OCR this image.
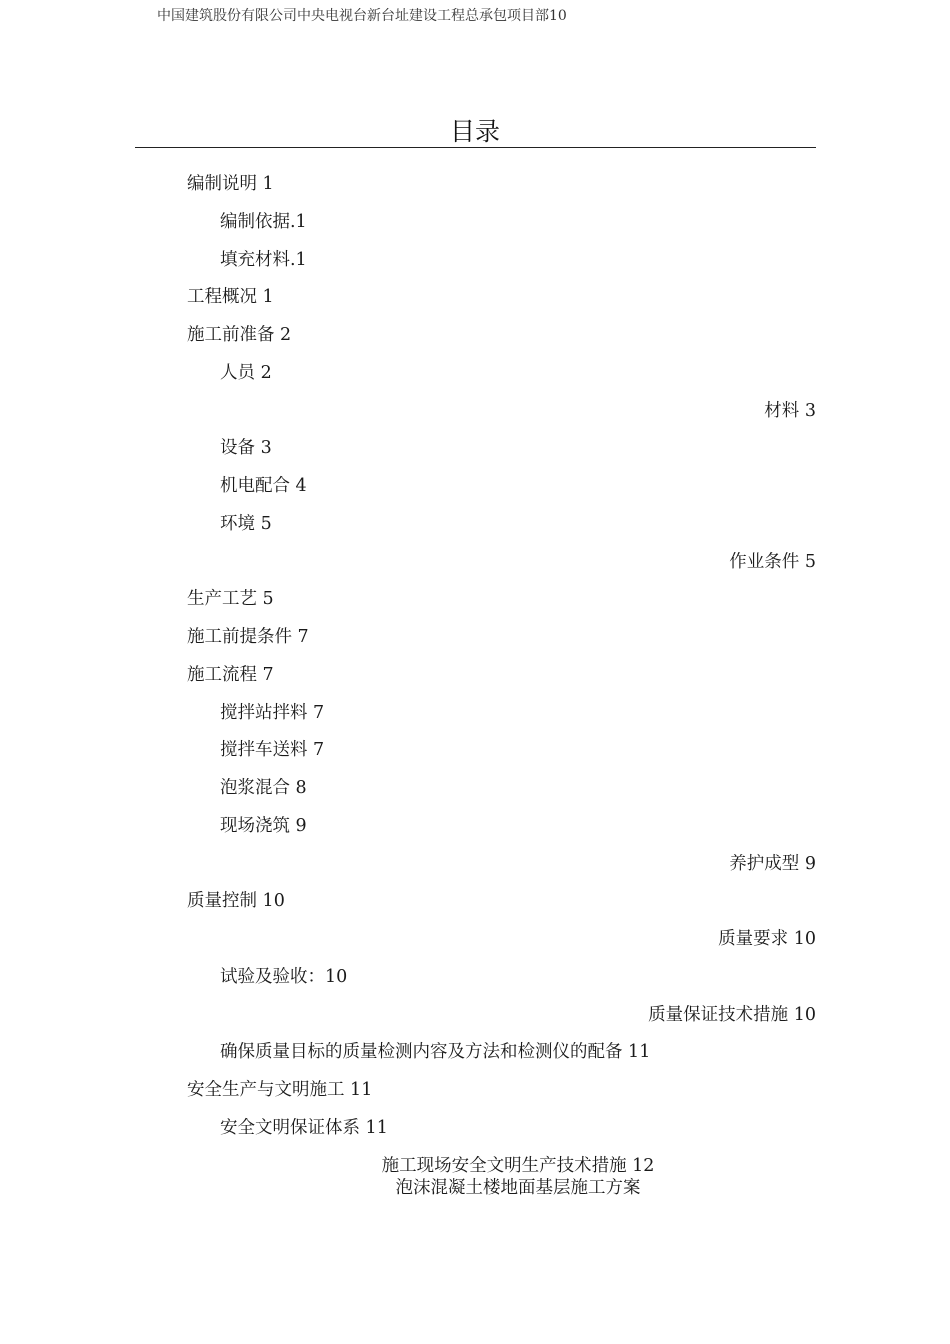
中国建筑股份有限公司中央电视台新台址建设工程总承包项目部10
目录
编制说明 1
编制依据.1
填充材料.1
工程概况 1
施工前准备 2
人员 2
材料 3
设备 3
机电配合 4
环境 5
作业条件 5
生产工艺 5
施工前提条件 7
施工流程 7
搅拌站拌料 7
搅拌车送料 7
泡浆混合 8
现场浇筑 9
养护成型 9
质量控制 10
质量要求 10
试验及验收：10
质量保证技术措施 10
确保质量目标的质量检测内容及方法和检测仪的配备 11
安全生产与文明施工 11
安全文明保证体系 11
施工现场安全文明生产技术措施 12
泡沫混凝土楼地面基层施工方案
